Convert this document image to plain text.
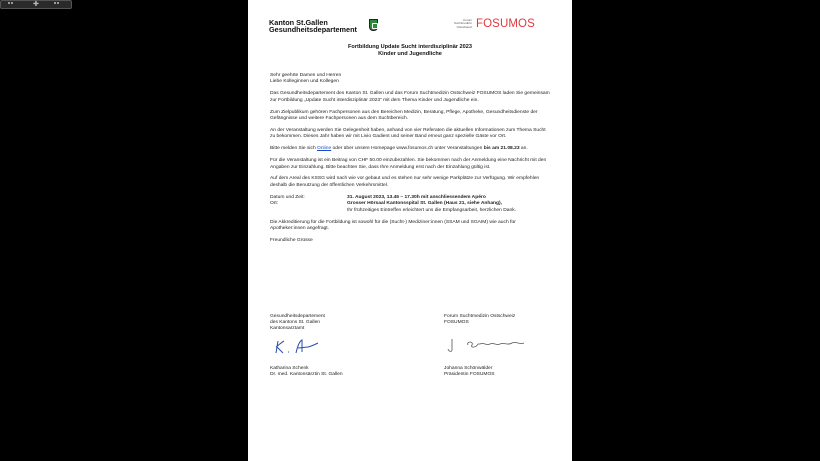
✚
Kanton St.Gallen
Gesundheitsdepartement
Forum Suchtmedizin Ostschweiz FOSUMOS
Fortbildung Update Sucht interdisziplinär 2023
Kinder und Jugendliche

Sehr geehrte Damen und Herren
Liebe Kolleginnen und Kollegen

Das Gesundheitsdepartement des Kanton St. Gallen und das Forum Suchtmedizin Ostschweiz FOSUMOS laden Sie gemeinsam zur Fortbildung „Update Sucht interdisziplinär 2023“ mit dem Thema Kinder und Jugendliche ein.

Zum Zielpublikum gehören Fachpersonen aus den Bereichen Medizin, Beratung, Pflege, Apotheke, Gesundheitsdienste der Gefängnisse und weitere Fachpersonen aus dem Suchtbereich.

An der Veranstaltung werden Sie Gelegenheit haben, anhand von vier Referaten die aktuellen Informationen zum Thema Sucht zu bekommen. Dieses Jahr haben wir mit Livio Gadient und seiner Band erneut ganz spezielle Gäste vor Ort.

Bitte melden Sie sich Online oder über unsere Homepage www.fosumos.ch unter Veranstaltungen bis am 21.08.23 an.

Für die Veranstaltung ist ein Beitrag von CHF 50.00 einzubezahlen. Sie bekommen nach der Anmeldung eine Nachricht mit den Angaben zur Einzahlung. Bitte beachten Sie, dass Ihre Anmeldung erst nach der Einzahlung gültig ist.

Auf dem Areal des KSSG wird nach wie vor gebaut und es stehen nur sehr wenige Parkplätze zur Verfügung. Wir empfehlen deshalb die Benutzung der öffentlichen Verkehrsmittel.

Datum und Zeit:	31. August 2023, 13.45 – 17.30h mit anschliessendem Apéro
Ort:	Grosser Hörsaal Kantonsspital St. Gallen (Haus 21, siehe Anhang),
Ihr frühzeitiges Eintreffen erleichtert uns die Empfangsarbeit, herzlichen Dank.

Die Akkreditierung für die Fortbildung ist sowohl für die (Sucht-) Mediziner:innen (SSAM und SGAIM) wie auch für Apotheker:innen angefragt.

Freundliche Grüsse

Gesundheitsdepartement
des Kantons St. Gallen
Kantonsarztamt
Forum Suchtmedizin Ostschweiz
FOSUMOS
Katharina Schenk
Dr. med. Kantonsärztin St. Gallen
Johanna Schönwälder
Präsidentin FOSUMOS
